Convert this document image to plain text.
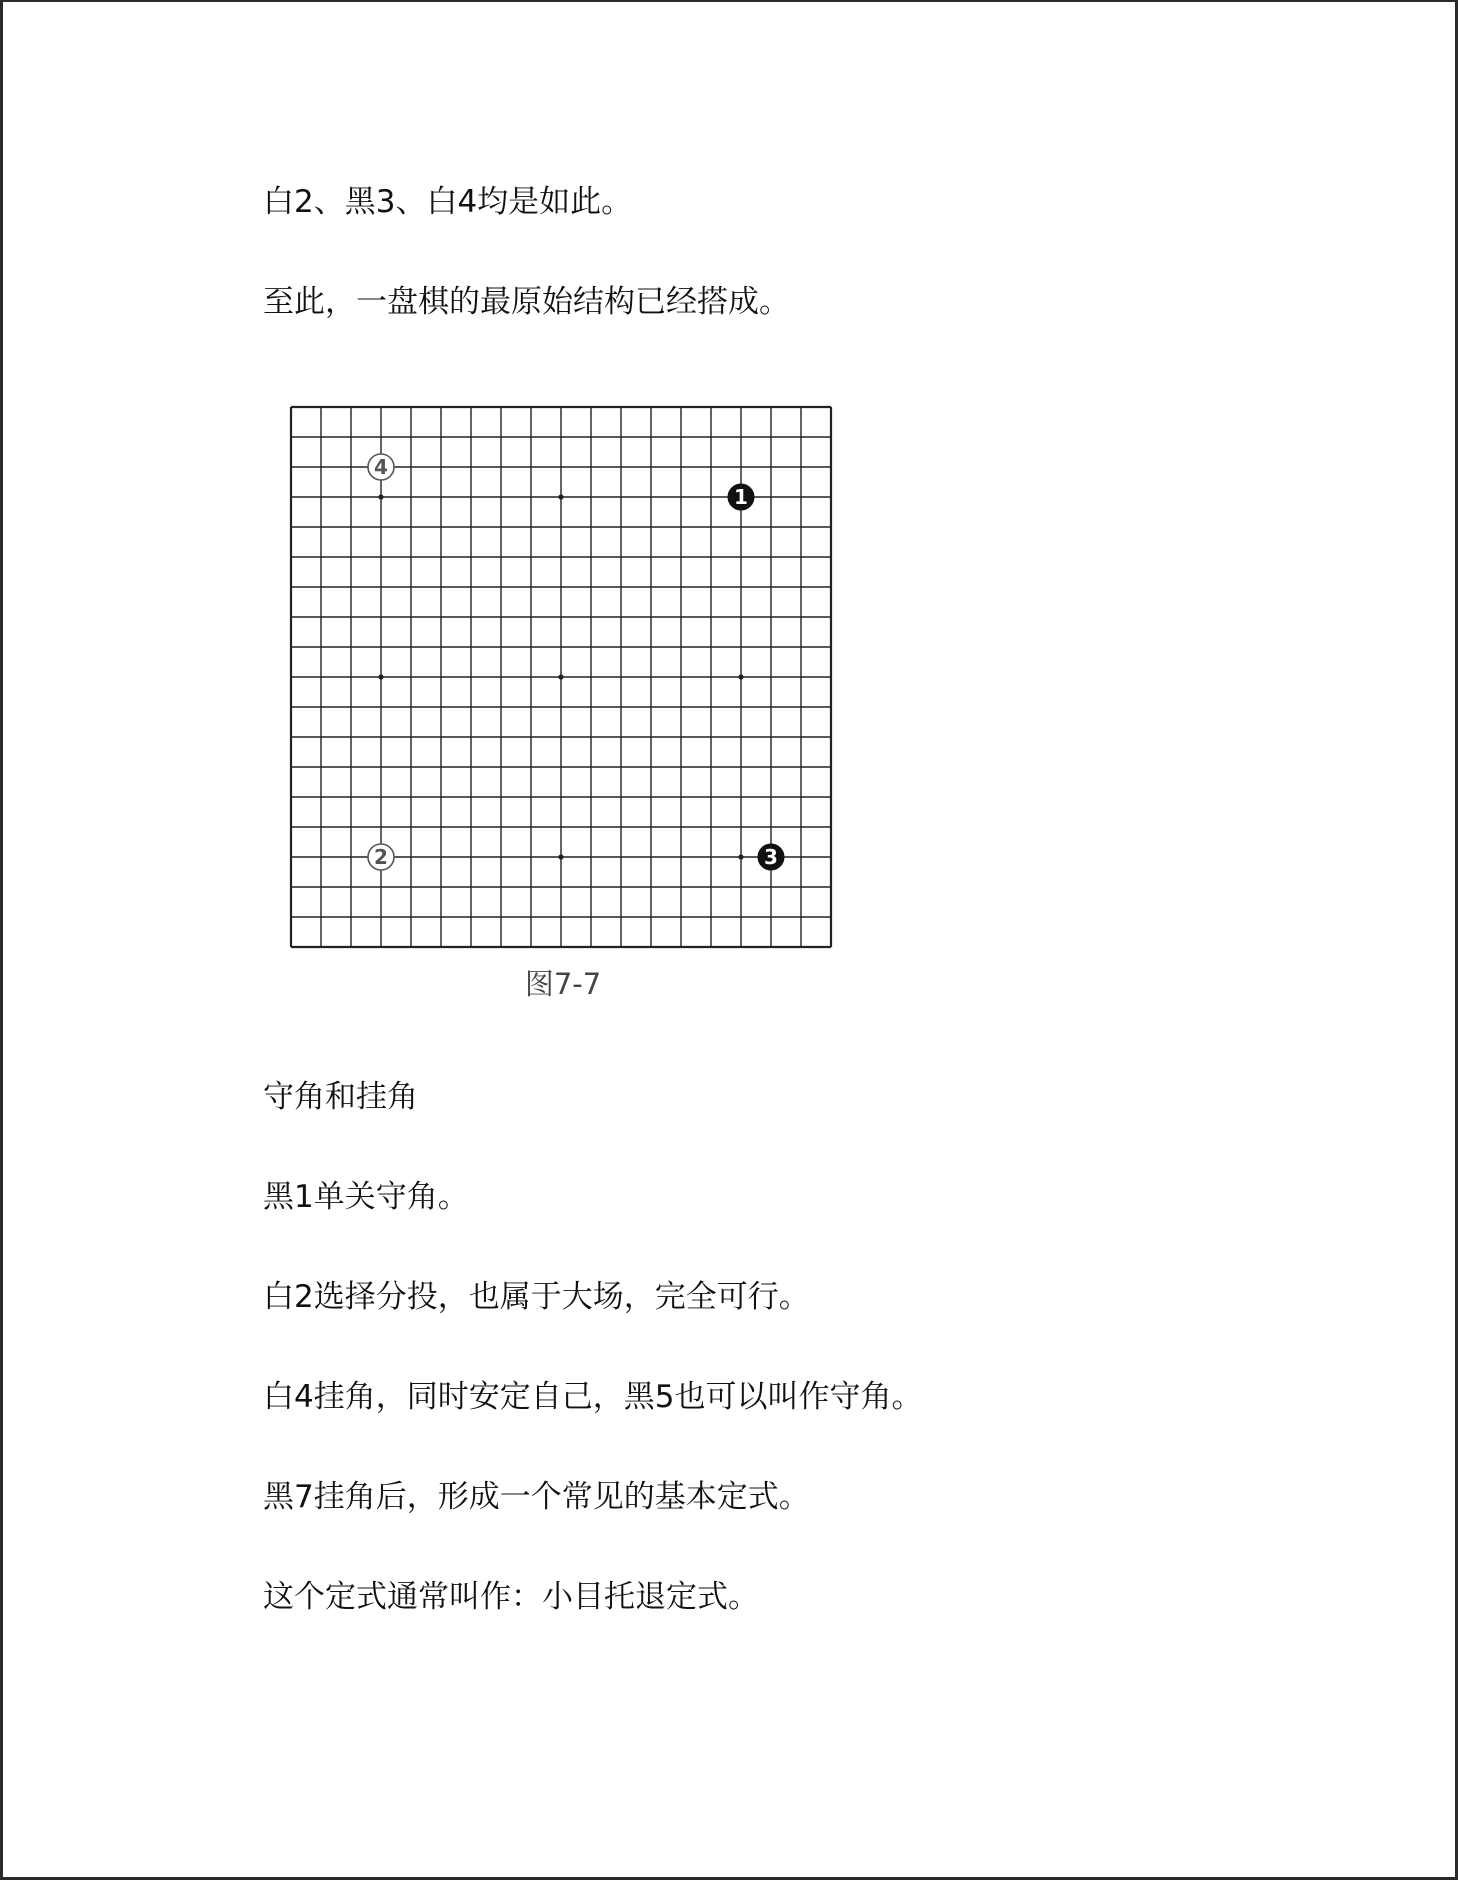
白2、黑3、白4均是如此。

至此，一盘棋的最原始结构已经搭成。

1
2	3
4
图7-7

守角和挂角

黑1单关守角。

白2选择分投，也属于大场，完全可行。

白4挂角，同时安定自己，黑5也可以叫作守角。

黑7挂角后，形成一个常见的基本定式。

这个定式通常叫作：小目托退定式。
